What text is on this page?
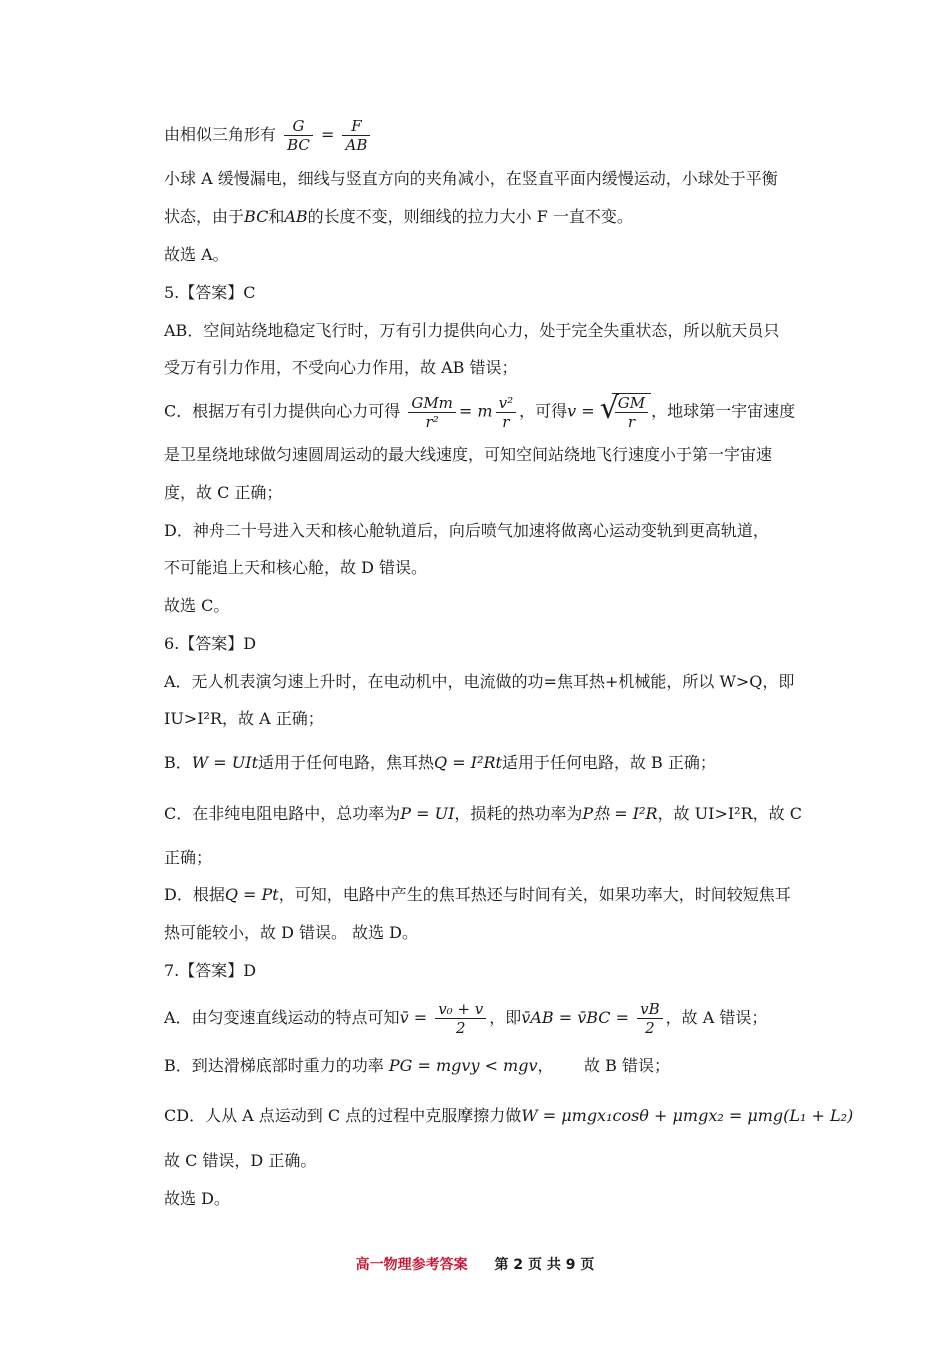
由相似三角形有 $\frac{G}{BC} = \frac{F}{AB}$
小球 A 缓慢漏电，细线与竖直方向的夹角减小，在竖直平面内缓慢运动，小球处于平衡
状态，由于BC和AB的长度不变，则细线的拉力大小 F 一直不变。
故选 A。
5.【答案】C
AB．空间站绕地稳定飞行时，万有引力提供向心力，处于完全失重状态，所以航天员只
受万有引力作用，不受向心力作用，故 AB 错误；
C．根据万有引力提供向心力可得 $\frac{\text{GMm}}{\text{r²}} = m \frac{\text{v²}}{r}$ ，可得v = √
$\frac{GM}{r}$ ，地球第一宇宙速度
是卫星绕地球做匀速圆周运动的最大线速度，可知空间站绕地飞行速度小于第一宇宙速
度，故 C 正确；
D．神舟二十号进入天和核心舱轨道后，向后喷气加速将做离心运动变轨到更高轨道，
不可能追上天和核心舱，故 D 错误。
故选 C。
6.【答案】D
A．无人机表演匀速上升时，在电动机中，电流做的功=焦耳热+机械能，所以 W>Q，即
IU>I²R，故 A 正确；
B．W = UIt适用于任何电路，焦耳热Q = I²Rt适用于任何电路，故 B 正确；
C．在非纯电阻电路中，总功率为P = UI，损耗的热功率为P热 = I²R，故 UI>I²R，故 C
正确；
D．根据Q = Pt，可知，电路中产生的焦耳热还与时间有关，如果功率大，时间较短焦耳
热可能较小，故 D 错误。 故选 D。
7.【答案】D
A．由匀变速直线运动的特点可知v̄ = $\frac{\text{v₀ + v}}{2}$ ，即v̄AB = v̄BC = $\frac{vB}{2}$ ，故 A 错误；
B．到达滑梯底部时重力的功率 PG = mgvy < mgv，      故 B 错误；
CD．人从 A 点运动到 C 点的过程中克服摩擦力做W = μmgx₁cosθ + μmgx₂ = μmg(L₁ + L₂)
故 C 错误，D 正确。
故选 D。
高一物理参考答案 第 2 页 共 9 页
